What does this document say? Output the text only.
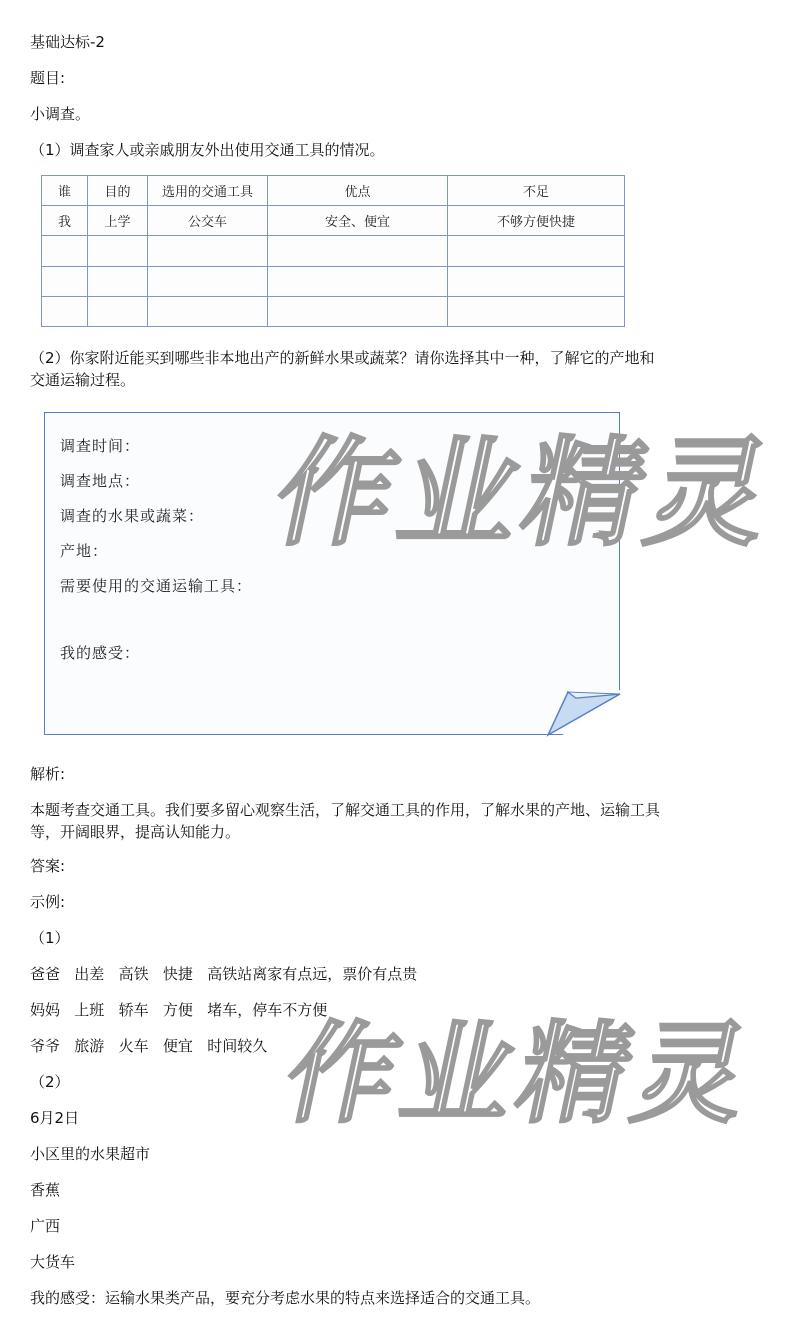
基础达标-2
题目:
小调查。
（1）调查家人或亲戚朋友外出使用交通工具的情况。
谁	目的	选用的交通工具	优点	不足
我	上学	公交车	安全、便宜	不够方便快捷

（2）你家附近能买到哪些非本地出产的新鲜水果或蔬菜？请你选择其中一种，了解它的产地和交通运输过程。
调查时间：
调查地点：
调查的水果或蔬菜：
产地：
需要使用的交通运输工具：
我的感受：
解析:
本题考查交通工具。我们要多留心观察生活，了解交通工具的作用，了解水果的产地、运输工具等，开阔眼界，提高认知能力。
答案:
示例:
（1）
爸爸   出差   高铁   快捷   高铁站离家有点远，票价有点贵
妈妈   上班   轿车   方便   堵车，停车不方便
爷爷   旅游   火车   便宜   时间较久
（2）
6月2日
小区里的水果超市
香蕉
广西
大货车
我的感受：运输水果类产品，要充分考虑水果的特点来选择适合的交通工具。
作业精灵
作业精灵
